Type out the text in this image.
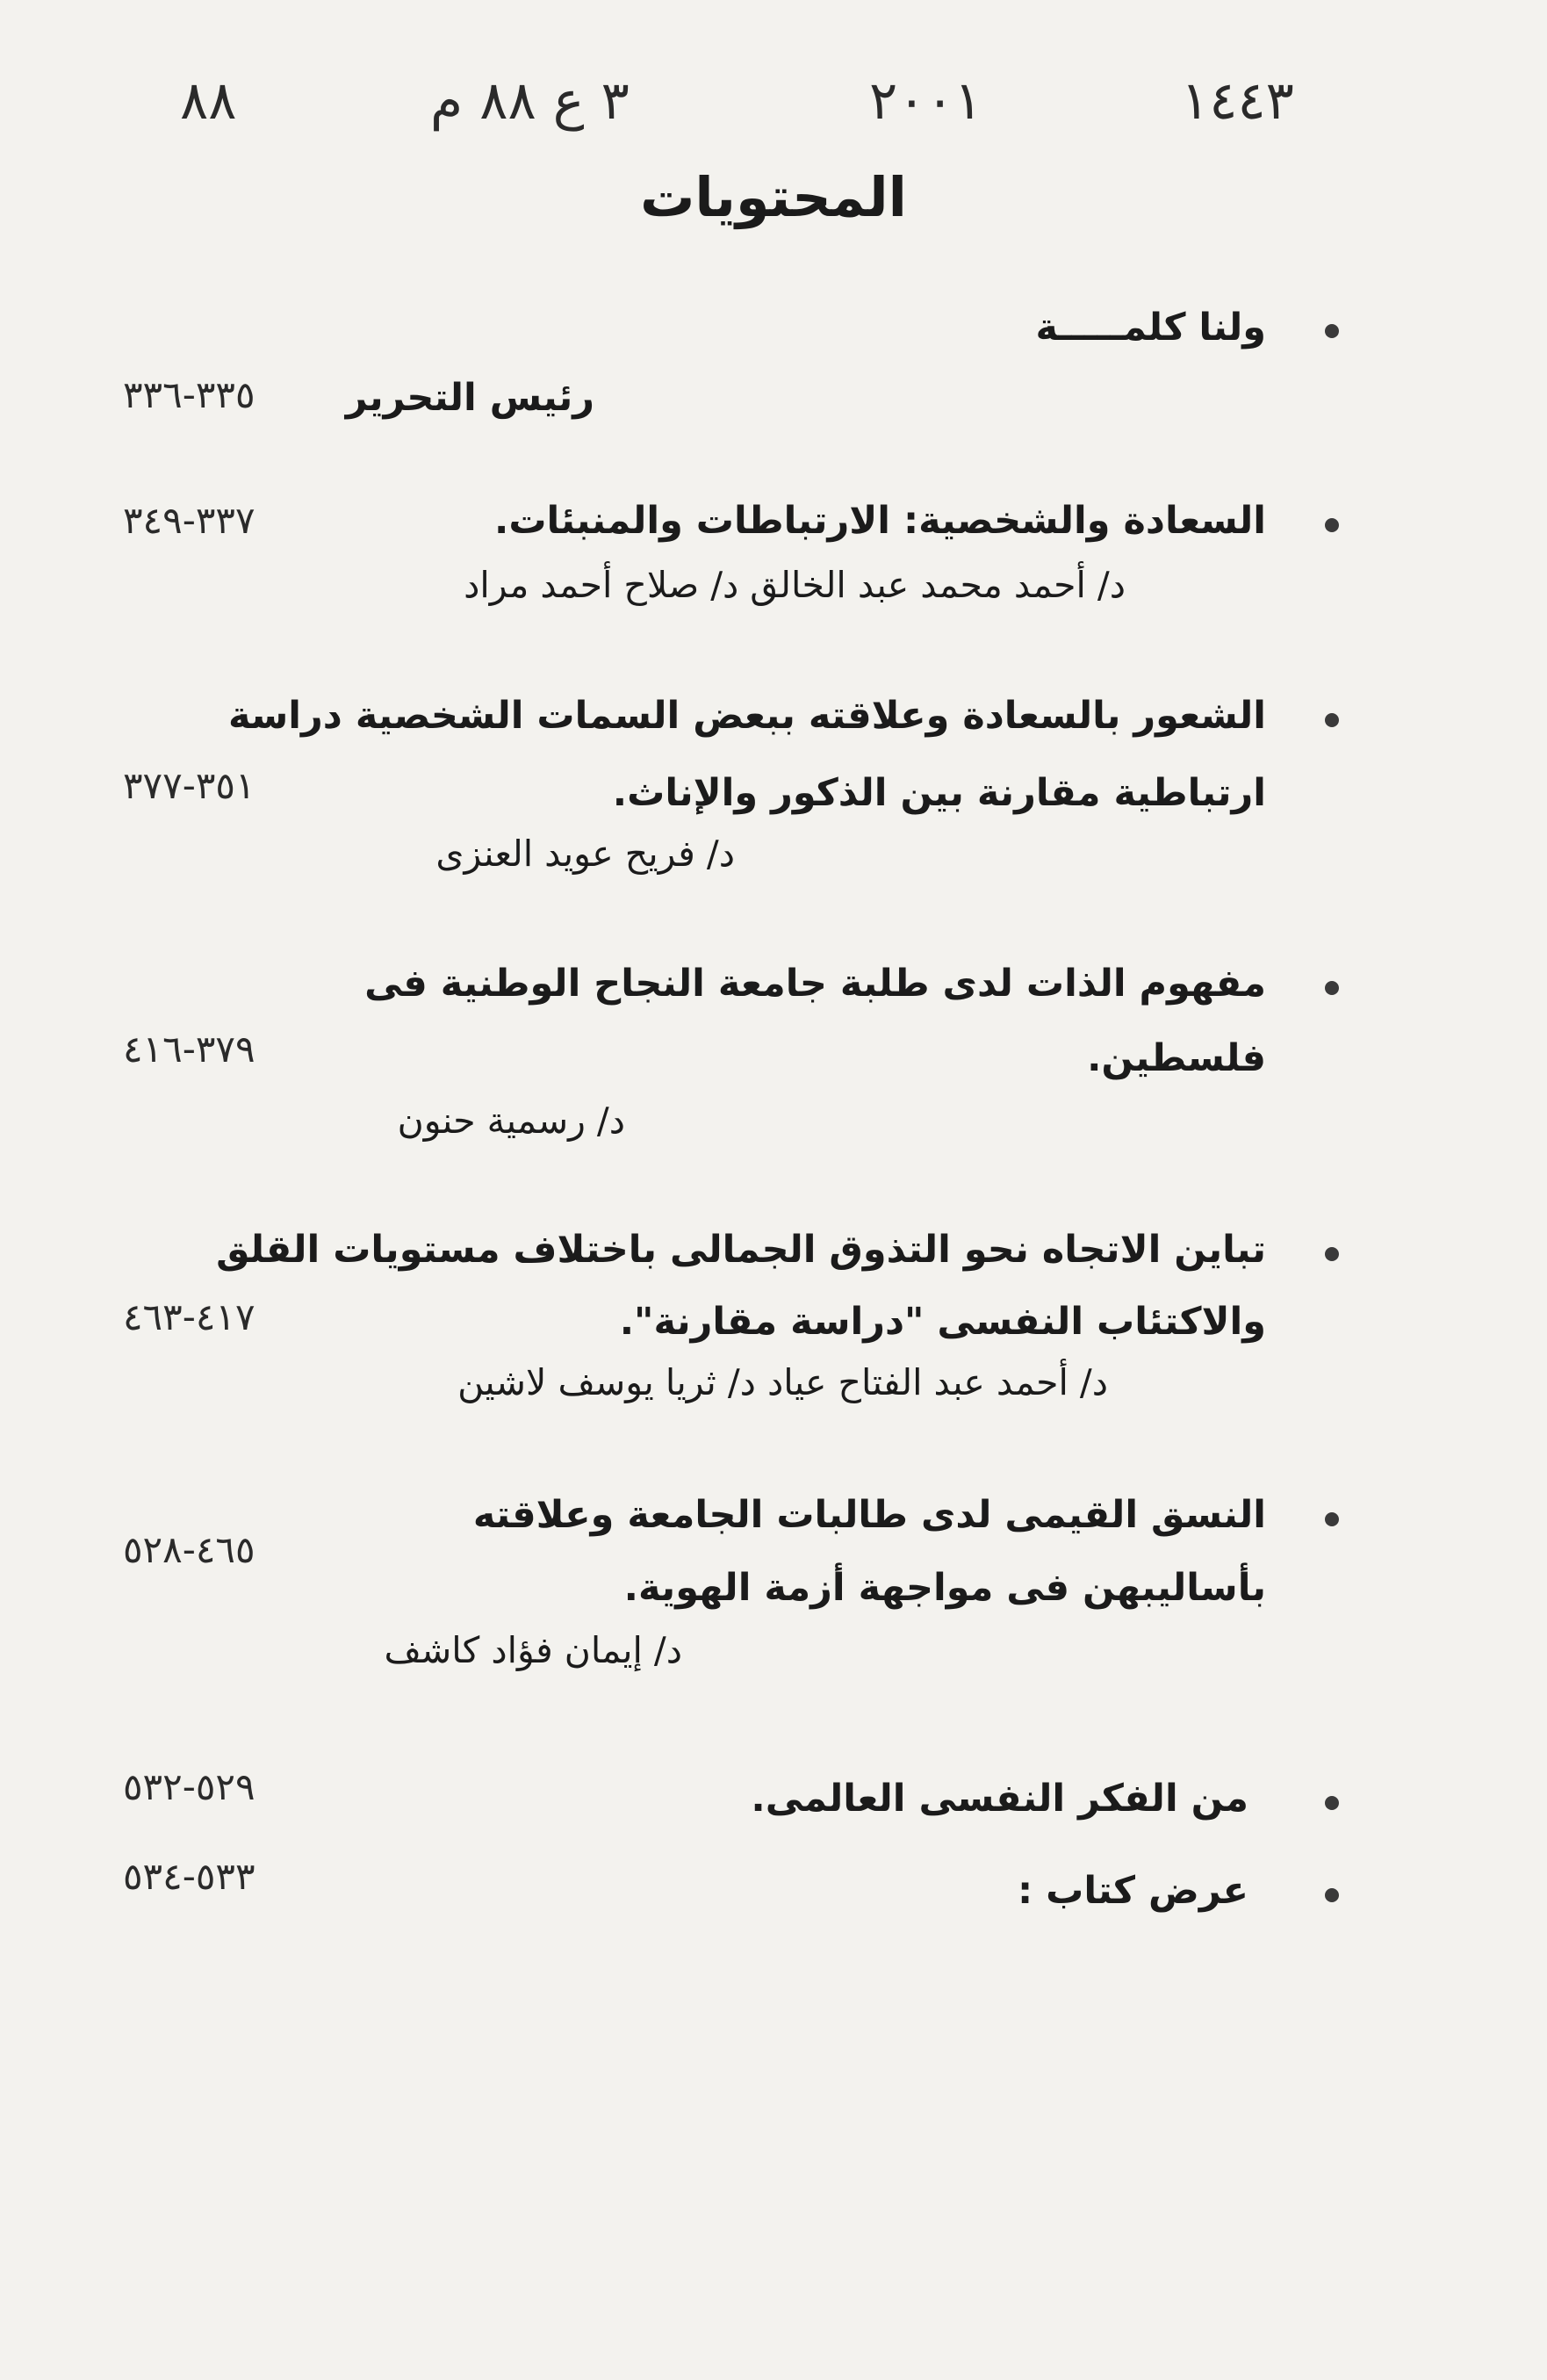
٨٨	٣ ع ٨٨ م	٢٠٠١	١٤٤٣
المحتويات
ولنا كلمـــــة
رئيس التحرير
٣٣٥-٣٣٦
السعادة والشخصية: الارتباطات والمنبئات.
د/ أحمد محمد عبد الخالق د/ صلاح أحمد مراد
٣٣٧-٣٤٩
الشعور بالسعادة وعلاقته ببعض السمات الشخصية دراسة
ارتباطية مقارنة بين الذكور والإناث.
د/ فريح عويد العنزى
٣٥١-٣٧٧
مفهوم الذات لدى طلبة جامعة النجاح الوطنية فى
فلسطين.
د/ رسمية حنون
٣٧٩-٤١٦
تباين الاتجاه نحو التذوق الجمالى باختلاف مستويات القلق
والاكتئاب النفسى "دراسة مقارنة".
د/ أحمد عبد الفتاح عياد د/ ثريا يوسف لاشين
٤١٧-٤٦٣
النسق القيمى لدى طالبات الجامعة وعلاقته
بأساليبهن فى مواجهة أزمة الهوية.
د/ إيمان فؤاد كاشف
٤٦٥-٥٢٨
من الفكر النفسى العالمى.
٥٢٩-٥٣٢
عرض كتاب :
٥٣٣-٥٣٤
